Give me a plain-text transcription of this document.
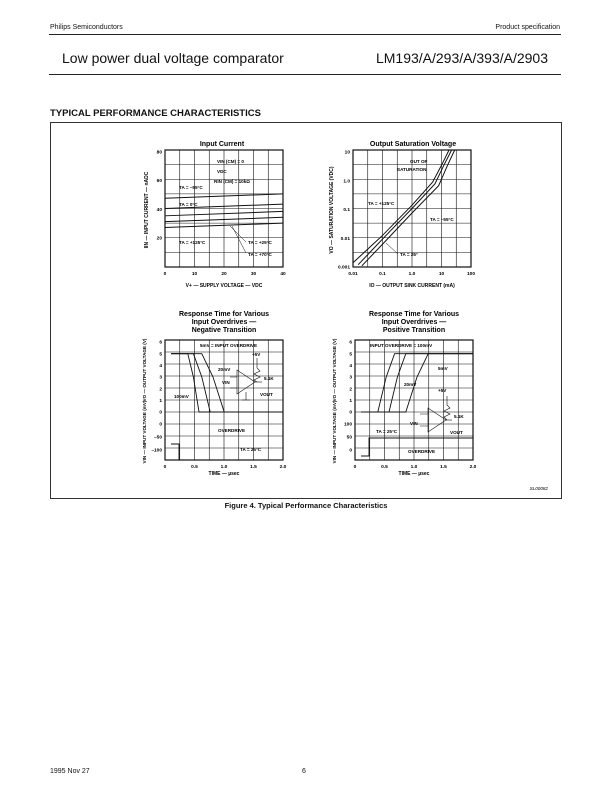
Philips Semiconductors	Product specification
Low power dual voltage comparator	LM193/A/293/A/393/A/2903
TYPICAL PERFORMANCE CHARACTERISTICS
Input Current
0	10	20	30	40
80
60
40
20
IIN — INPUT CURRENT — nADC
V+ — SUPPLY VOLTAGE — VDC
VIN (CM) = 0
VDC
RIN (CM) = 10kΩ
TA = –55°C
TA = 0°C
TA = +125°C	TA = +25°C
TA = +70°C
Output Saturation Voltage
0.01	0.1	1.0	10	100
10
1.0
0.1
0.01
0.001
VO — SATURATION VOLTAGE (VDC)
IO — OUTPUT SINK CURRENT (mA)
OUT OF
SATURATION
TA = +125°C
TA = –55°C
TA = 25°
Response Time for Various
Input Overdrives —
Negative Transition
0	0.5	1.0	1.5	2.0
6
5
4
3
2
1
0
0
–50
–100
VO — OUTPUT VOLTAGE (V)
VIN — INPUT VOLTAGE (mV)
TIME — µsec
5mV = INPUT OVERDRIVE
20mV
100mV
+5V
5.1K
VIN
VOUT
OVERDRIVE
TA = 25°C
Response Time for Various
Input Overdrives —
Positive Transition
0	0.5	1.0	1.5	2.0
6
5
4
3
2
1
0
100
50
0
VO — OUTPUT VOLTAGE (V)
VIN — INPUT VOLTAGE (mV)
TIME — µsec
INPUT OVERDRIVE = 100mV
5mV
20mV
+5V
5.1K
VIN
VOUT
OVERDRIVE
TA = 25°C
SL00082
Figure 4. Typical Performance Characteristics
1995 Nov 27	6
